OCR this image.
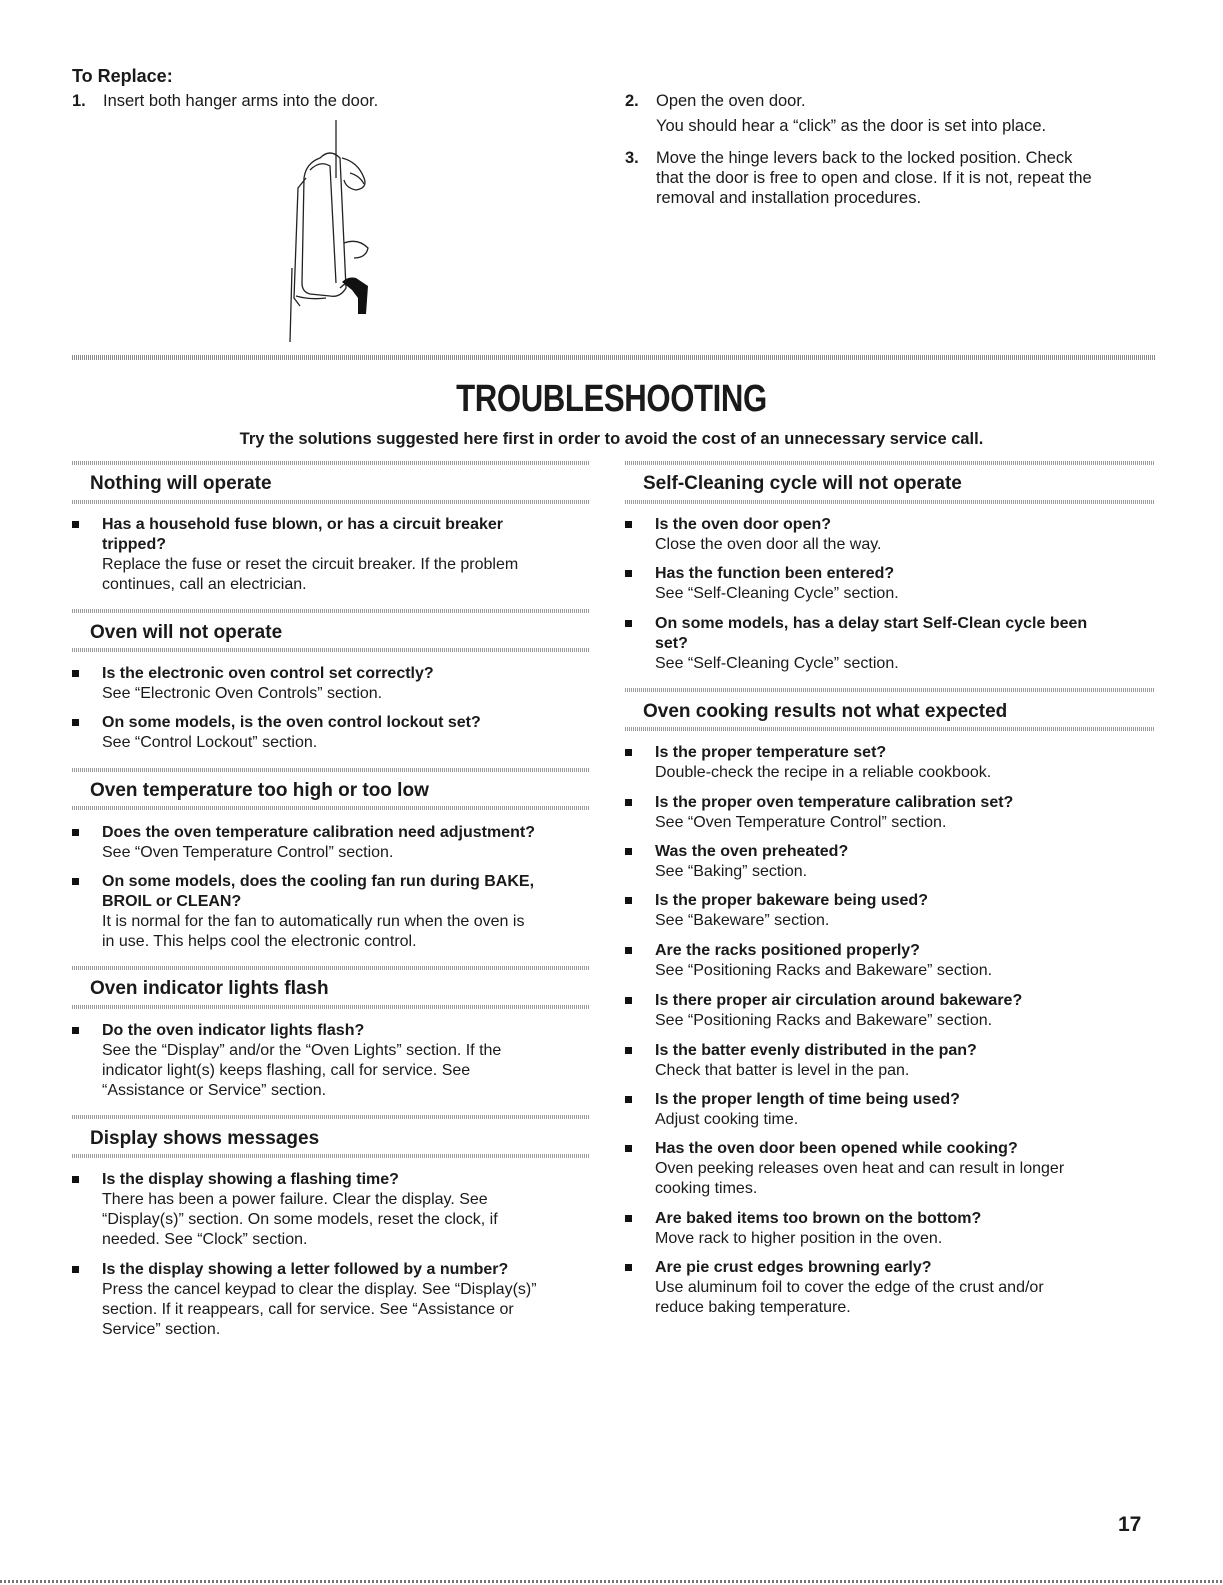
To Replace:
1. Insert both hanger arms into the door.	2. Open the oven door.
You should hear a “click” as the door is set into place.
3. Move the hinge levers back to the locked position. Check
that the door is free to open and close. If it is not, repeat the
removal and installation procedures.
TROUBLESHOOTING
Try the solutions suggested here first in order to avoid the cost of an unnecessary service call.
Nothing will operate
Has a household fuse blown, or has a circuit breaker
tripped?
Replace the fuse or reset the circuit breaker. If the problem
continues, call an electrician.
Oven will not operate
Is the electronic oven control set correctly?
See “Electronic Oven Controls” section.
On some models, is the oven control lockout set?
See “Control Lockout” section.
Oven temperature too high or too low
Does the oven temperature calibration need adjustment?
See “Oven Temperature Control” section.
On some models, does the cooling fan run during BAKE,
BROIL or CLEAN?
It is normal for the fan to automatically run when the oven is
in use. This helps cool the electronic control.
Oven indicator lights flash
Do the oven indicator lights flash?
See the “Display” and/or the “Oven Lights” section. If the
indicator light(s) keeps flashing, call for service. See
“Assistance or Service” section.
Display shows messages
Is the display showing a flashing time?
There has been a power failure. Clear the display. See
“Display(s)” section. On some models, reset the clock, if
needed. See “Clock” section.
Is the display showing a letter followed by a number?
Press the cancel keypad to clear the display. See “Display(s)”
section. If it reappears, call for service. See “Assistance or
Service” section.
Self-Cleaning cycle will not operate
Is the oven door open?
Close the oven door all the way.
Has the function been entered?
See “Self-Cleaning Cycle” section.
On some models, has a delay start Self-Clean cycle been
set?
See “Self-Cleaning Cycle” section.
Oven cooking results not what expected
Is the proper temperature set?
Double-check the recipe in a reliable cookbook.
Is the proper oven temperature calibration set?
See “Oven Temperature Control” section.
Was the oven preheated?
See “Baking” section.
Is the proper bakeware being used?
See “Bakeware” section.
Are the racks positioned properly?
See “Positioning Racks and Bakeware” section.
Is there proper air circulation around bakeware?
See “Positioning Racks and Bakeware” section.
Is the batter evenly distributed in the pan?
Check that batter is level in the pan.
Is the proper length of time being used?
Adjust cooking time.
Has the oven door been opened while cooking?
Oven peeking releases oven heat and can result in longer
cooking times.
Are baked items too brown on the bottom?
Move rack to higher position in the oven.
Are pie crust edges browning early?
Use aluminum foil to cover the edge of the crust and/or
reduce baking temperature.
17
